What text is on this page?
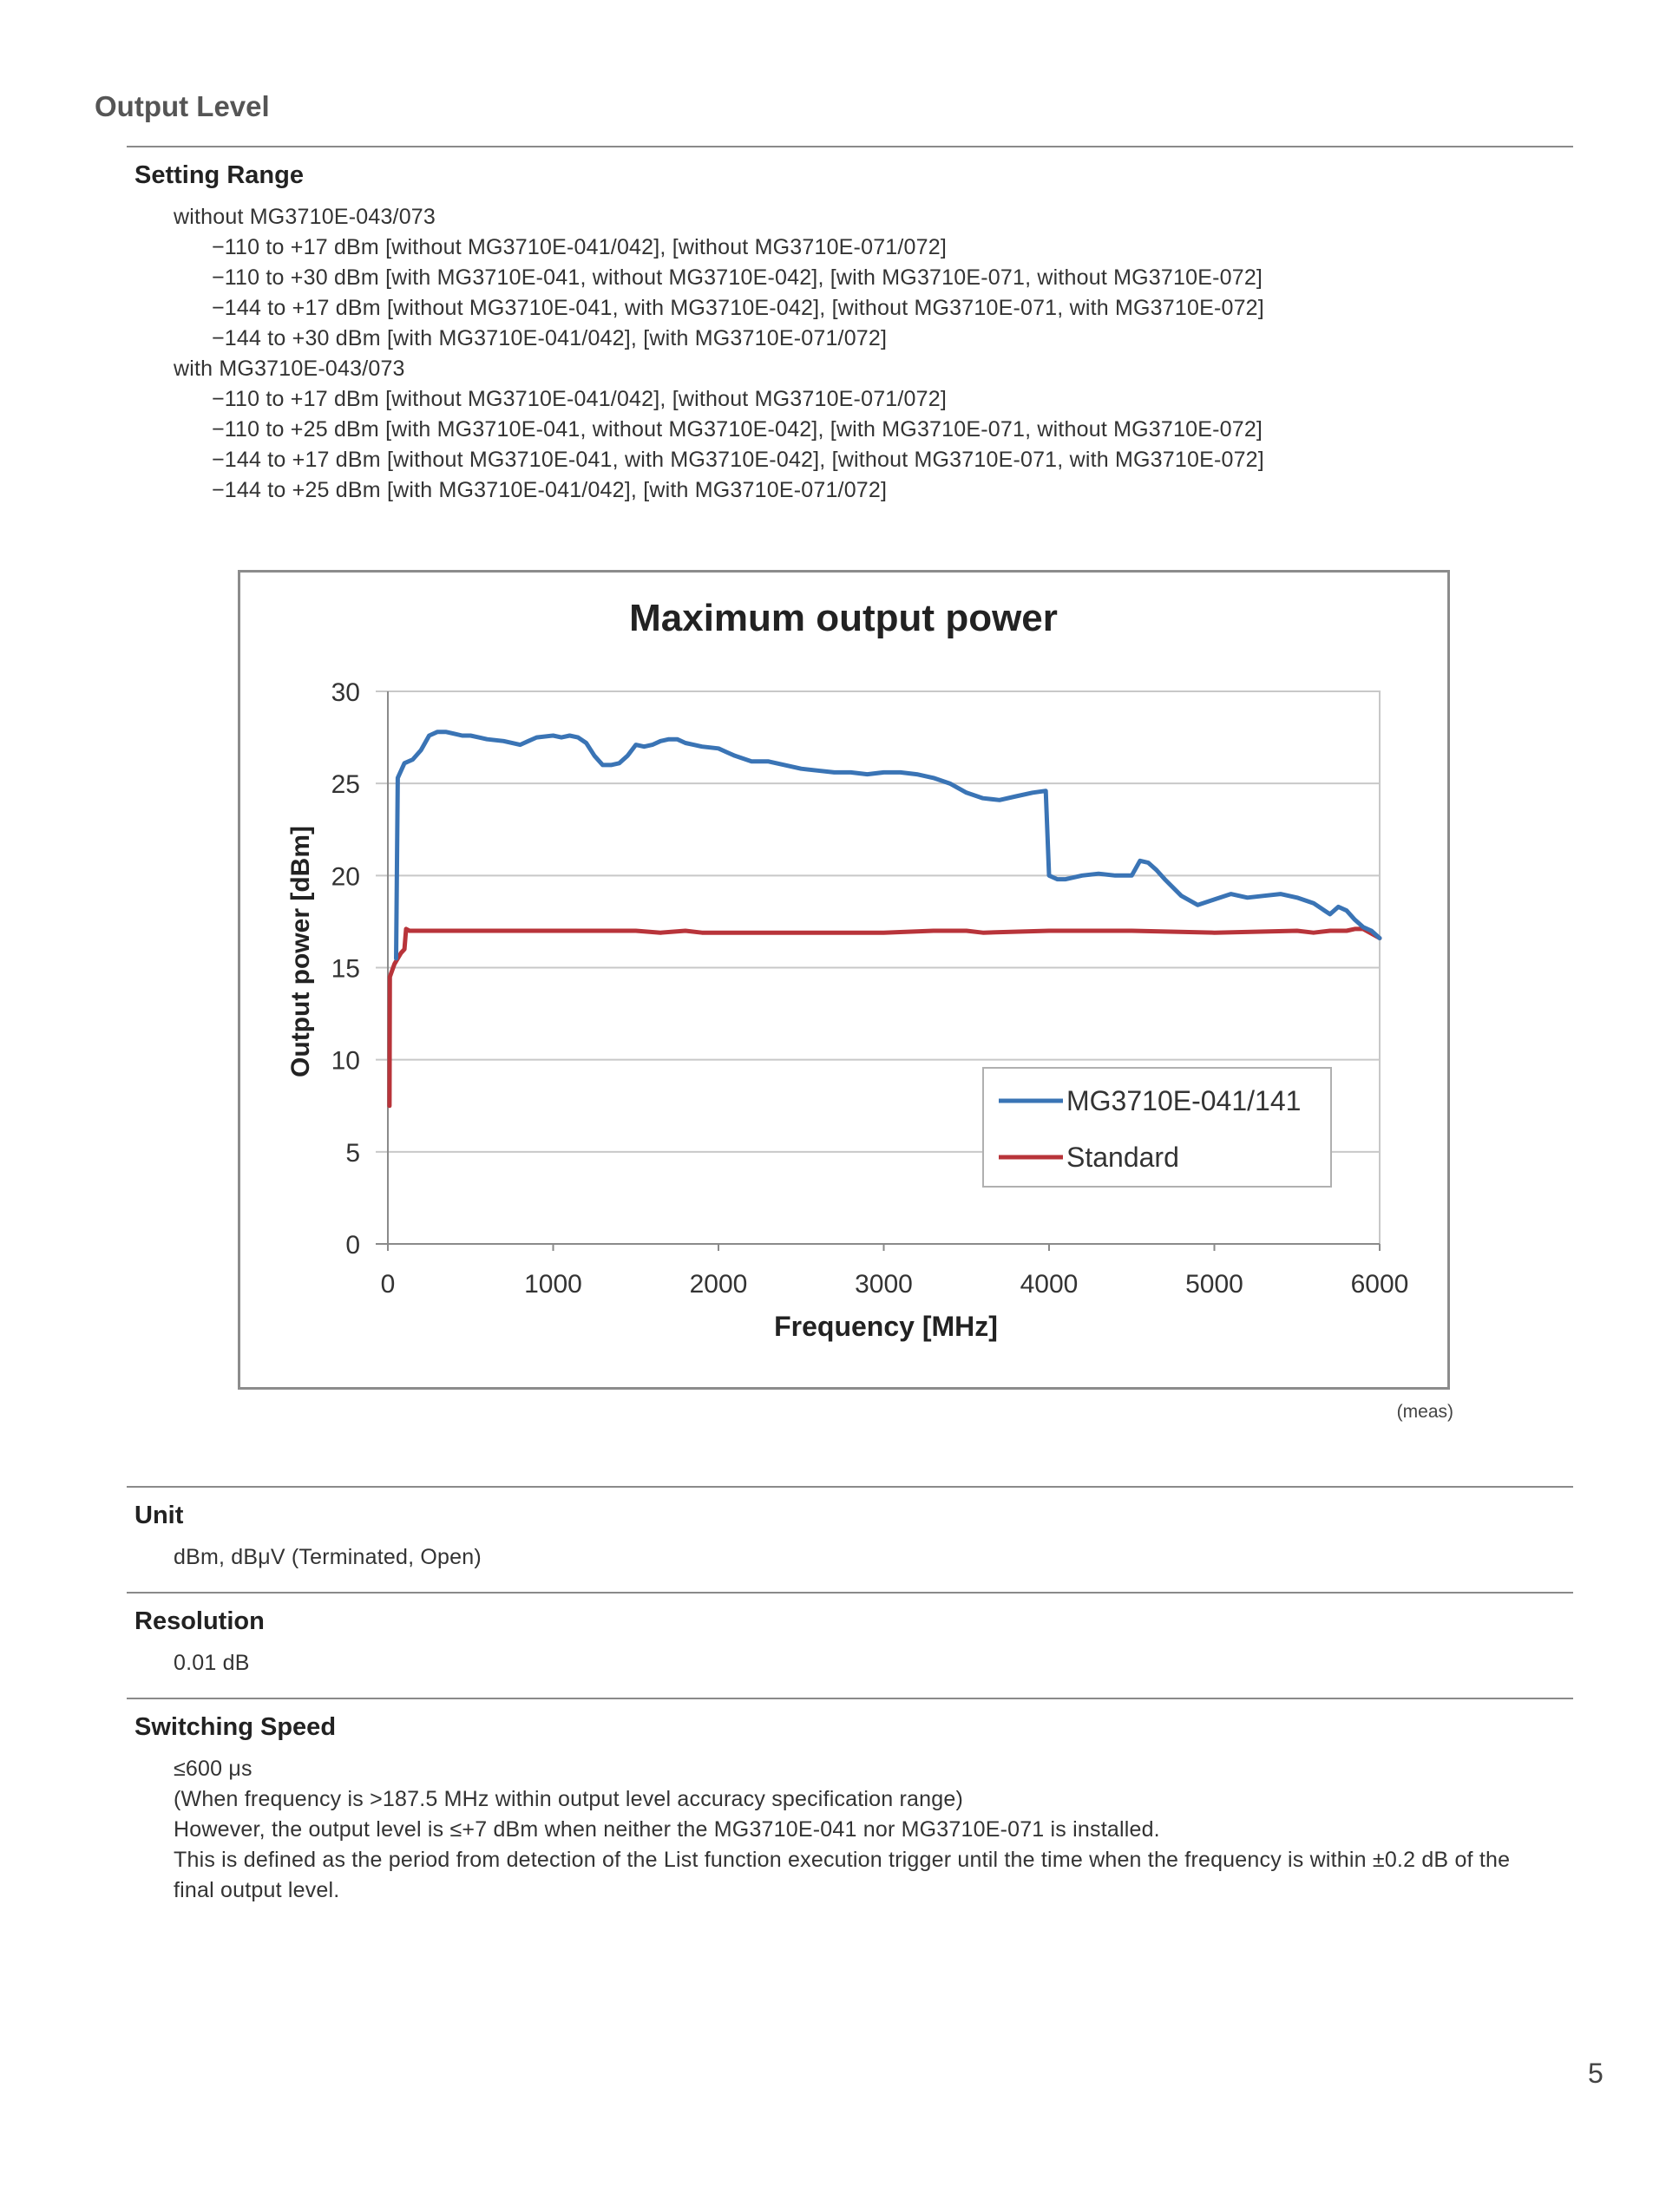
Output Level
Setting Range
without MG3710E-043/073
−110 to +17 dBm [without MG3710E-041/042], [without MG3710E-071/072]
−110 to +30 dBm [with MG3710E-041, without MG3710E-042], [with MG3710E-071, without MG3710E-072]
−144 to +17 dBm [without MG3710E-041, with MG3710E-042], [without MG3710E-071, with MG3710E-072]
−144 to +30 dBm [with MG3710E-041/042], [with MG3710E-071/072]
with MG3710E-043/073
−110 to +17 dBm [without MG3710E-041/042], [without MG3710E-071/072]
−110 to +25 dBm [with MG3710E-041, without MG3710E-042], [with MG3710E-071, without MG3710E-072]
−144 to +17 dBm [without MG3710E-041, with MG3710E-042], [without MG3710E-071, with MG3710E-072]
−144 to +25 dBm [with MG3710E-041/042], [with MG3710E-071/072]
Maximum output power
Output power [dBm]
Frequency [MHz]
0
5
10
15
20
25
30
0	1000	2000	3000	4000	5000	6000
MG3710E-041/141
Standard
(meas)
Unit
dBm, dBμV (Terminated, Open)
Resolution
0.01 dB
Switching Speed
≤600 μs
(When frequency is >187.5 MHz within output level accuracy specification range)
However, the output level is ≤+7 dBm when neither the MG3710E-041 nor MG3710E-071 is installed.
This is defined as the period from detection of the List function execution trigger until the time when the frequency is within ±0.2 dB of the
final output level.
5
